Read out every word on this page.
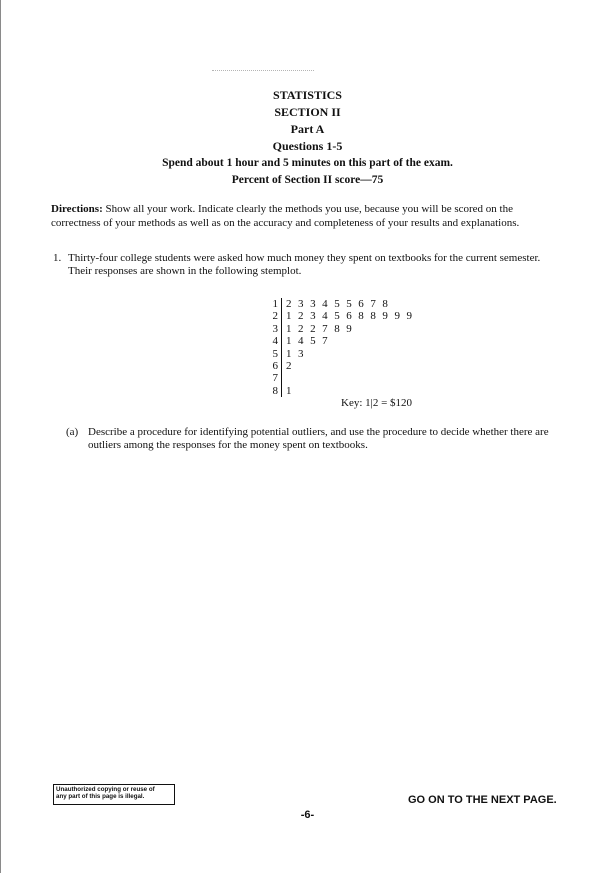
STATISTICS
SECTION II
Part A
Questions 1-5
Spend about 1 hour and 5 minutes on this part of the exam.
Percent of Section II score—75
Directions: Show all your work. Indicate clearly the methods you use, because you will be scored on the correctness of your methods as well as on the accuracy and completeness of your results and explanations.
1. Thirty-four college students were asked how much money they spent on textbooks for the current semester. Their responses are shown in the following stemplot.
1 2 3 3 4 5 5 6 7 8
2 1 2 3 4 5 6 8 8 9 9 9
3 1 2 2 7 8 9
4 1 4 5 7
5 1 3
6 2
7
8 1
Key: 1|2 = $120
(a) Describe a procedure for identifying potential outliers, and use the procedure to decide whether there are outliers among the responses for the money spent on textbooks.
Unauthorized copying or reuse of
any part of this page is illegal.	GO ON TO THE NEXT PAGE.
-6-
